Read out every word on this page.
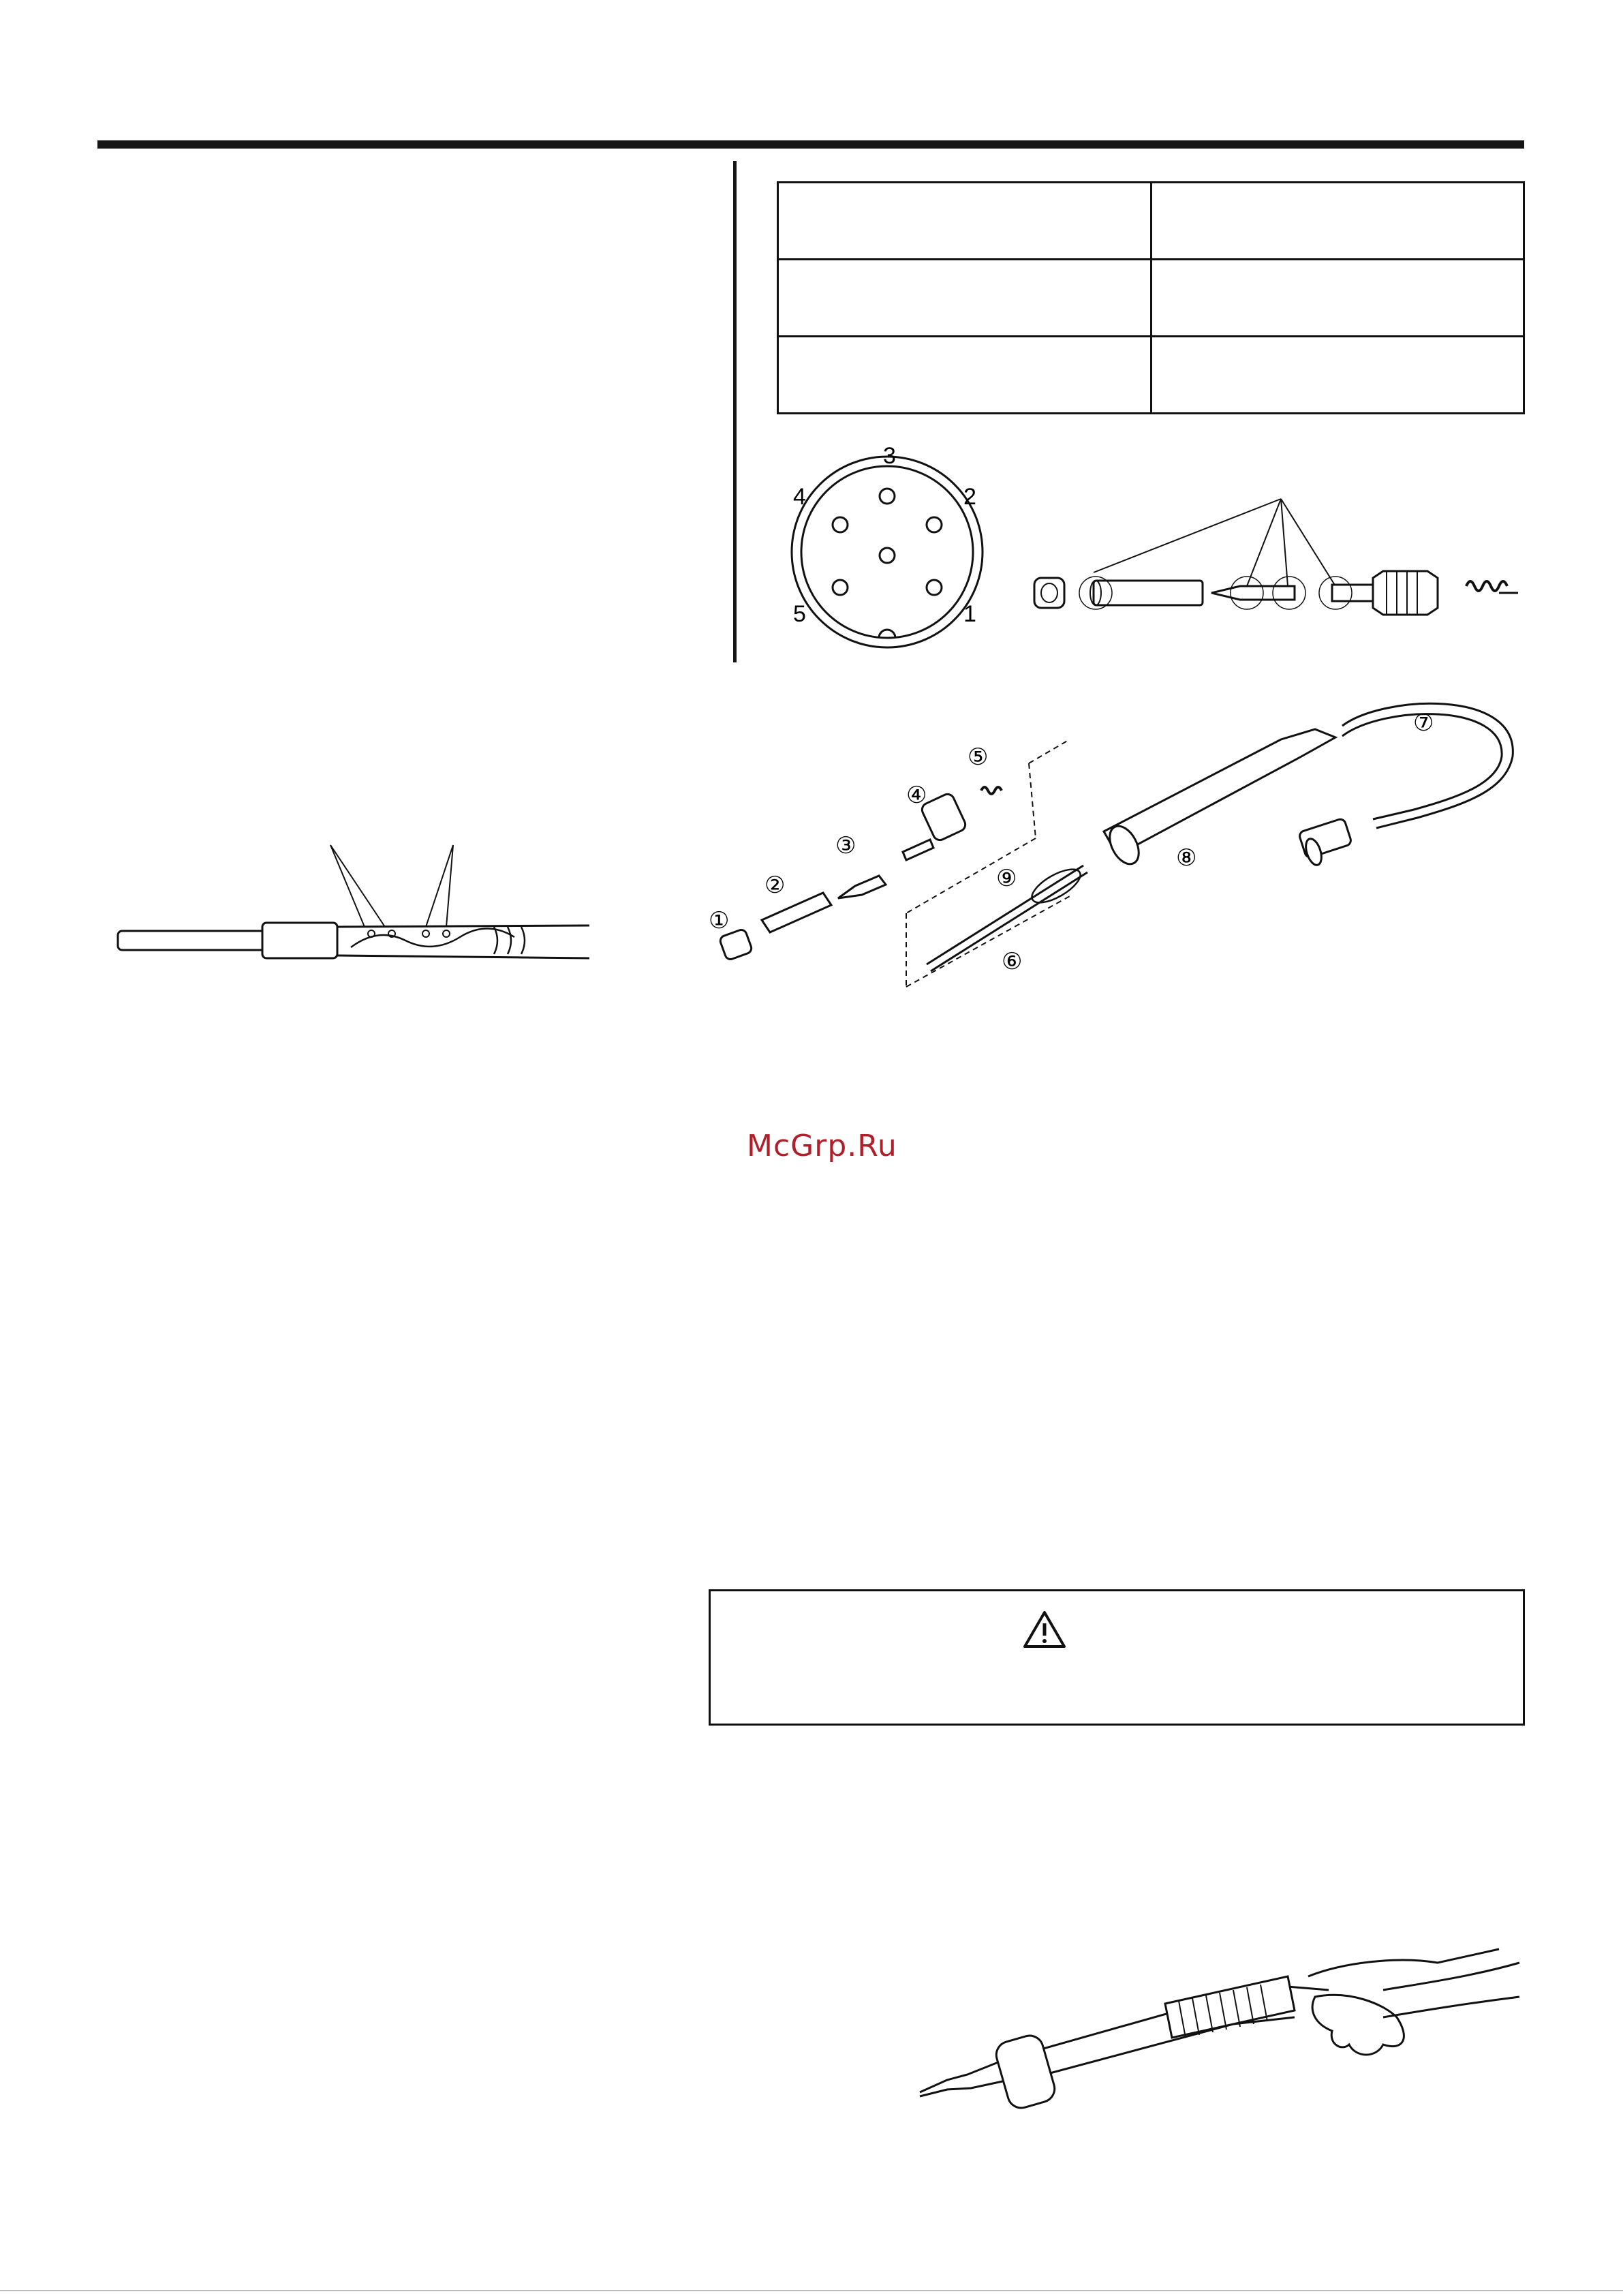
3
4	2
5	1
①
②
③
④
⑤
⑥
⑦
⑧
⑨
McGrp.Ru
